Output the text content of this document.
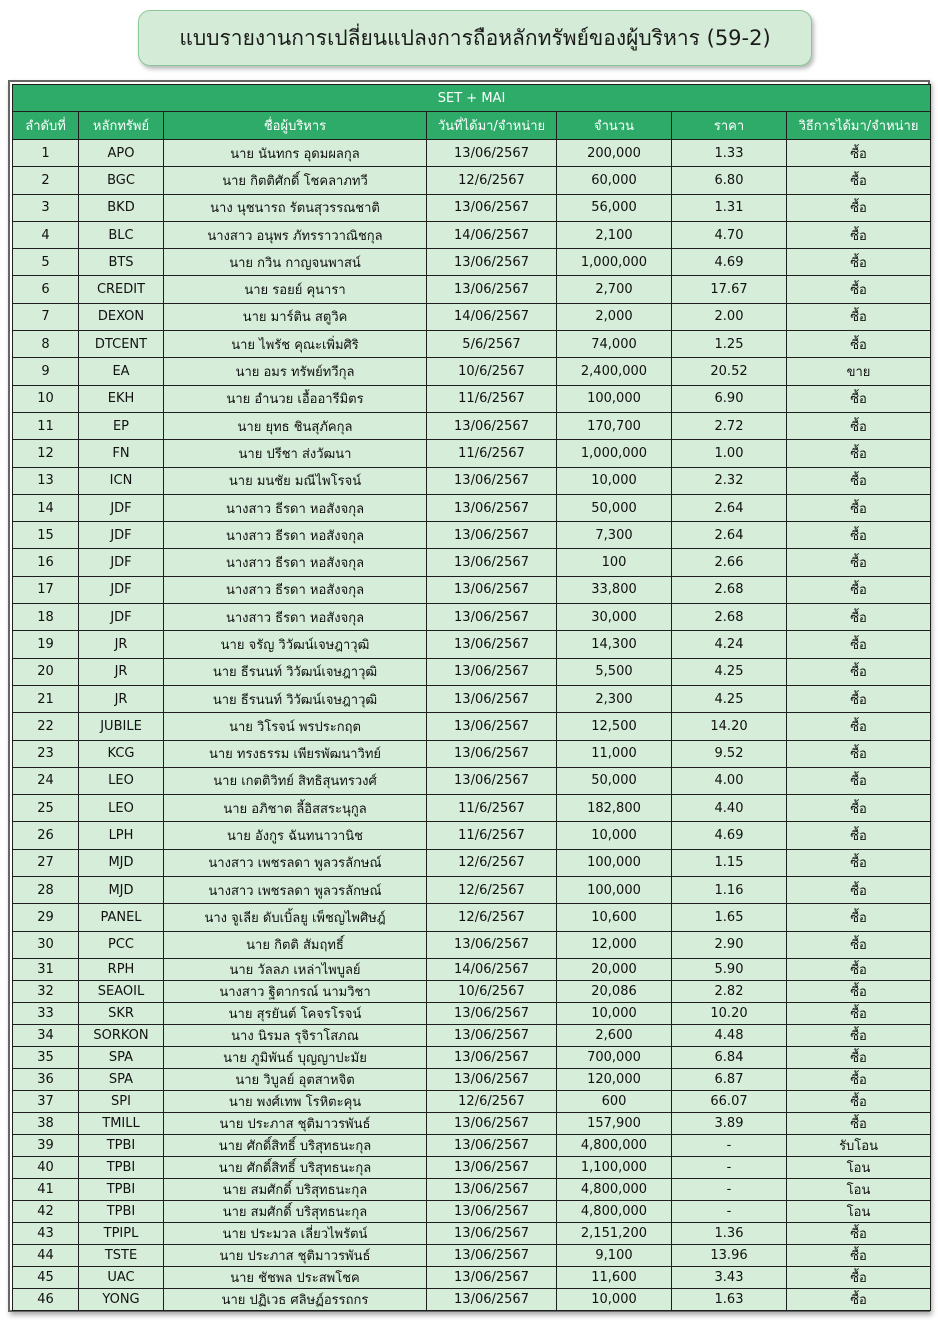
แบบรายงานการเปลี่ยนแปลงการถือหลักทรัพย์ของผู้บริหาร (59-2)
SET + MAI						
ลำดับที่	หลักทรัพย์	ชื่อผู้บริหาร	วันที่ได้มา/จำหน่าย	จำนวน	ราคา	วิธีการได้มา/จำหน่าย
1	APO	นาย นันทกร อุดมผลกุล	13/06/2567	200,000	1.33	ซื้อ
2	BGC	นาย กิตติศักดิ์ โชคลาภทวี	12/6/2567	60,000	6.80	ซื้อ
3	BKD	นาง นุชนารถ รัตนสุวรรณชาติ	13/06/2567	56,000	1.31	ซื้อ
4	BLC	นางสาว อนุพร ภัทรราวาณิชกุล	14/06/2567	2,100	4.70	ซื้อ
5	BTS	นาย กวิน กาญจนพาสน์	13/06/2567	1,000,000	4.69	ซื้อ
6	CREDIT	นาย รอยย์ คุนารา	13/06/2567	2,700	17.67	ซื้อ
7	DEXON	นาย มาร์ติน สตูวิค	14/06/2567	2,000	2.00	ซื้อ
8	DTCENT	นาย ไพรัช คุณะเพิ่มศิริ	5/6/2567	74,000	1.25	ซื้อ
9	EA	นาย อมร ทรัพย์ทวีกุล	10/6/2567	2,400,000	20.52	ขาย
10	EKH	นาย อำนวย เอื้ออารีมิตร	11/6/2567	100,000	6.90	ซื้อ
11	EP	นาย ยุทธ ชินสุภัคกุล	13/06/2567	170,700	2.72	ซื้อ
12	FN	นาย ปรีชา ส่งวัฒนา	11/6/2567	1,000,000	1.00	ซื้อ
13	ICN	นาย มนชัย มณีไพโรจน์	13/06/2567	10,000	2.32	ซื้อ
14	JDF	นางสาว ธีรดา หอสังจกุล	13/06/2567	50,000	2.64	ซื้อ
15	JDF	นางสาว ธีรดา หอสังจกุล	13/06/2567	7,300	2.64	ซื้อ
16	JDF	นางสาว ธีรดา หอสังจกุล	13/06/2567	100	2.66	ซื้อ
17	JDF	นางสาว ธีรดา หอสังจกุล	13/06/2567	33,800	2.68	ซื้อ
18	JDF	นางสาว ธีรดา หอสังจกุล	13/06/2567	30,000	2.68	ซื้อ
19	JR	นาย จรัญ วิวัฒน์เจษฎาวุฒิ	13/06/2567	14,300	4.24	ซื้อ
20	JR	นาย ธีรนนท์ วิวัฒน์เจษฎาวุฒิ	13/06/2567	5,500	4.25	ซื้อ
21	JR	นาย ธีรนนท์ วิวัฒน์เจษฎาวุฒิ	13/06/2567	2,300	4.25	ซื้อ
22	JUBILE	นาย วิโรจน์ พรประกฤต	13/06/2567	12,500	14.20	ซื้อ
23	KCG	นาย ทรงธรรม เพียรพัฒนาวิทย์	13/06/2567	11,000	9.52	ซื้อ
24	LEO	นาย เกตติวิทย์ สิทธิสุนทรวงศ์	13/06/2567	50,000	4.00	ซื้อ
25	LEO	นาย อภิชาต ลี้อิสสระนุกูล	11/6/2567	182,800	4.40	ซื้อ
26	LPH	นาย อังกูร ฉันทนาวานิช	11/6/2567	10,000	4.69	ซื้อ
27	MJD	นางสาว เพชรลดา พูลวรลักษณ์	12/6/2567	100,000	1.15	ซื้อ
28	MJD	นางสาว เพชรลดา พูลวรลักษณ์	12/6/2567	100,000	1.16	ซื้อ
29	PANEL	นาง จูเลีย ดับเบิ้ลยู เพ็ชญไพศิษฎ์	12/6/2567	10,600	1.65	ซื้อ
30	PCC	นาย กิตติ สัมฤทธิ์	13/06/2567	12,000	2.90	ซื้อ
31	RPH	นาย วัลลภ เหล่าไพบูลย์	14/06/2567	20,000	5.90	ซื้อ
32	SEAOIL	นางสาว ฐิตากรณ์ นามวิชา	10/6/2567	20,086	2.82	ซื้อ
33	SKR	นาย สุรยันต์ โคจรโรจน์	13/06/2567	10,000	10.20	ซื้อ
34	SORKON	นาง นิรมล รุจิราโสภณ	13/06/2567	2,600	4.48	ซื้อ
35	SPA	นาย ภูมิพันธ์ บุญญาปะมัย	13/06/2567	700,000	6.84	ซื้อ
36	SPA	นาย วิบูลย์ อุตสาหจิต	13/06/2567	120,000	6.87	ซื้อ
37	SPI	นาย พงศ์เทพ โรหิตะคุน	12/6/2567	600	66.07	ซื้อ
38	TMILL	นาย ประภาส ชุติมาวรพันธ์	13/06/2567	157,900	3.89	ซื้อ
39	TPBI	นาย ศักดิ์สิทธิ์ บริสุทธนะกุล	13/06/2567	4,800,000	-	รับโอน
40	TPBI	นาย ศักดิ์สิทธิ์ บริสุทธนะกุล	13/06/2567	1,100,000	-	โอน
41	TPBI	นาย สมศักดิ์ บริสุทธนะกุล	13/06/2567	4,800,000	-	โอน
42	TPBI	นาย สมศักดิ์ บริสุทธนะกุล	13/06/2567	4,800,000	-	โอน
43	TPIPL	นาย ประมวล เลี่ยวไพรัตน์	13/06/2567	2,151,200	1.36	ซื้อ
44	TSTE	นาย ประภาส ชุติมาวรพันธ์	13/06/2567	9,100	13.96	ซื้อ
45	UAC	นาย ชัชพล ประสพโชค	13/06/2567	11,600	3.43	ซื้อ
46	YONG	นาย ปฏิเวธ ศลิษฏ์อรรถกร	13/06/2567	10,000	1.63	ซื้อ
